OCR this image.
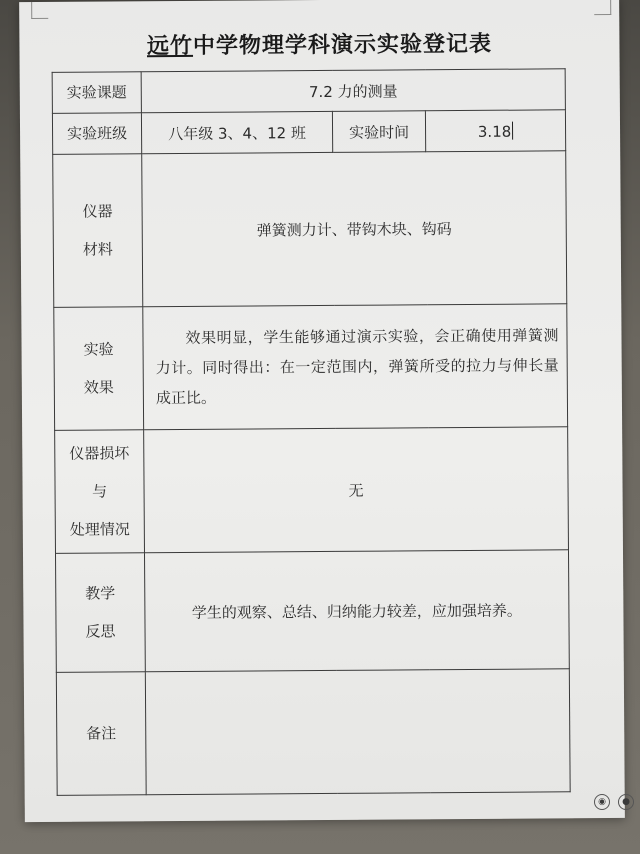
远竹中学物理学科演示实验登记表
实验课题	7.2 力的测量		
实验班级	八年级 3、4、12 班	实验时间	3.18

仪器
材料	弹簧测力计、带钩木块、钩码		

实验
效果	效果明显，学生能够通过演示实验，会正确使用弹簧测力计。同时得出：在一定范围内，弹簧所受的拉力与伸长量成正比。		

仪器损坏
与
处理情况	无		

教学
反思	学生的观察、总结、归纳能力较差，应加强培养。		
备注			
◉	●
